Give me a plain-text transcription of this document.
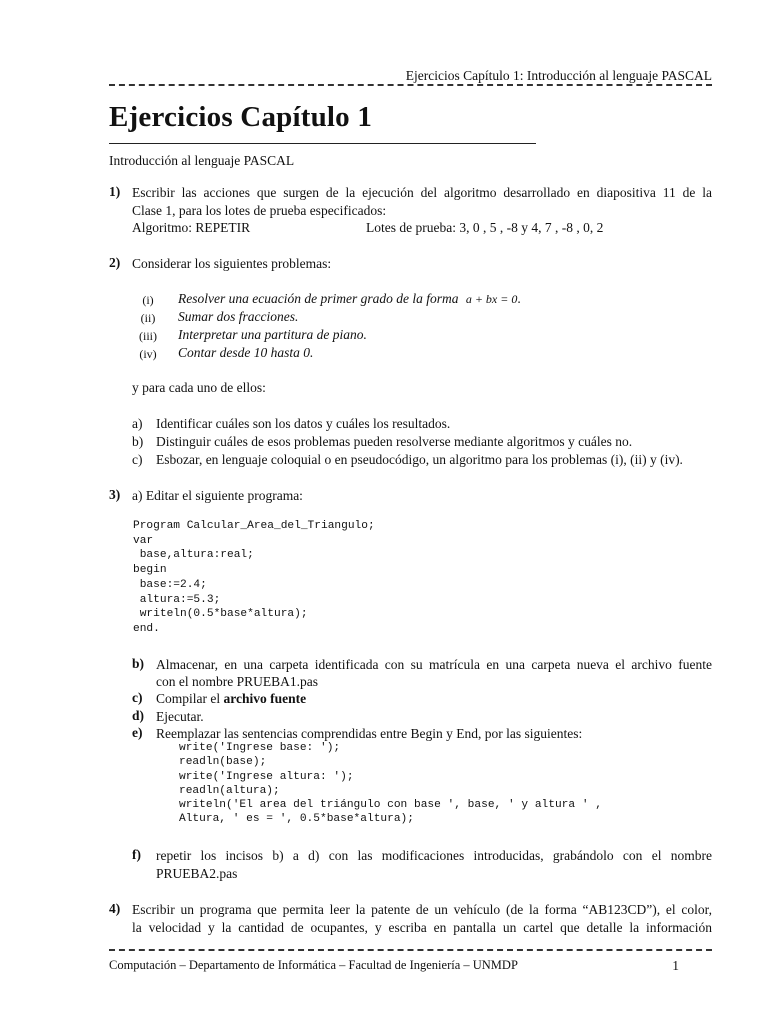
Ejercicios Capítulo 1: Introducción al lenguaje PASCAL
Ejercicios Capítulo 1
Introducción al lenguaje PASCAL
1) Escribir las acciones que surgen de la ejecución del algoritmo desarrollado en diapositiva 11 de la
Clase 1, para los lotes de prueba especificados:
Algoritmo: REPETIR	Lotes de prueba: 3, 0 , 5 , -8 y 4, 7 , -8 , 0, 2
2) Considerar los siguientes problemas:
(i)	Resolver una ecuación de primer grado de la forma a + bx = 0.
(ii)	Sumar dos fracciones.
(iii)	Interpretar una partitura de piano.
(iv)	Contar desde 10 hasta 0.
y para cada uno de ellos:
a) Identificar cuáles son los datos y cuáles los resultados.
b) Distinguir cuáles de esos problemas pueden resolverse mediante algoritmos y cuáles no.
c) Esbozar, en lenguaje coloquial o en pseudocódigo, un algoritmo para los problemas (i), (ii) y (iv).
3) a) Editar el siguiente programa:
Program Calcular_Area_del_Triangulo;
var
base,altura:real;
begin
base:=2.4;
altura:=5.3;
writeln(0.5*base*altura);
end.
b) Almacenar, en una carpeta identificada con su matrícula en una carpeta nueva el archivo fuente
con el nombre PRUEBA1.pas
c) Compilar el archivo fuente
d) Ejecutar.
e) Reemplazar las sentencias comprendidas entre Begin y End, por las siguientes:
write('Ingrese base: ');
readln(base);
write('Ingrese altura: ');
readln(altura);
writeln('El area del triángulo con base ', base, ' y altura ' ,
Altura, ' es = ', 0.5*base*altura);
f) repetir los incisos b) a d) con las modificaciones introducidas, grabándolo con el nombre
PRUEBA2.pas
4) Escribir un programa que permita leer la patente de un vehículo (de la forma “AB123CD”), el color,
la velocidad y la cantidad de ocupantes, y escriba en pantalla un cartel que detalle la información
Computación – Departamento de Informática – Facultad de Ingeniería – UNMDP	1
